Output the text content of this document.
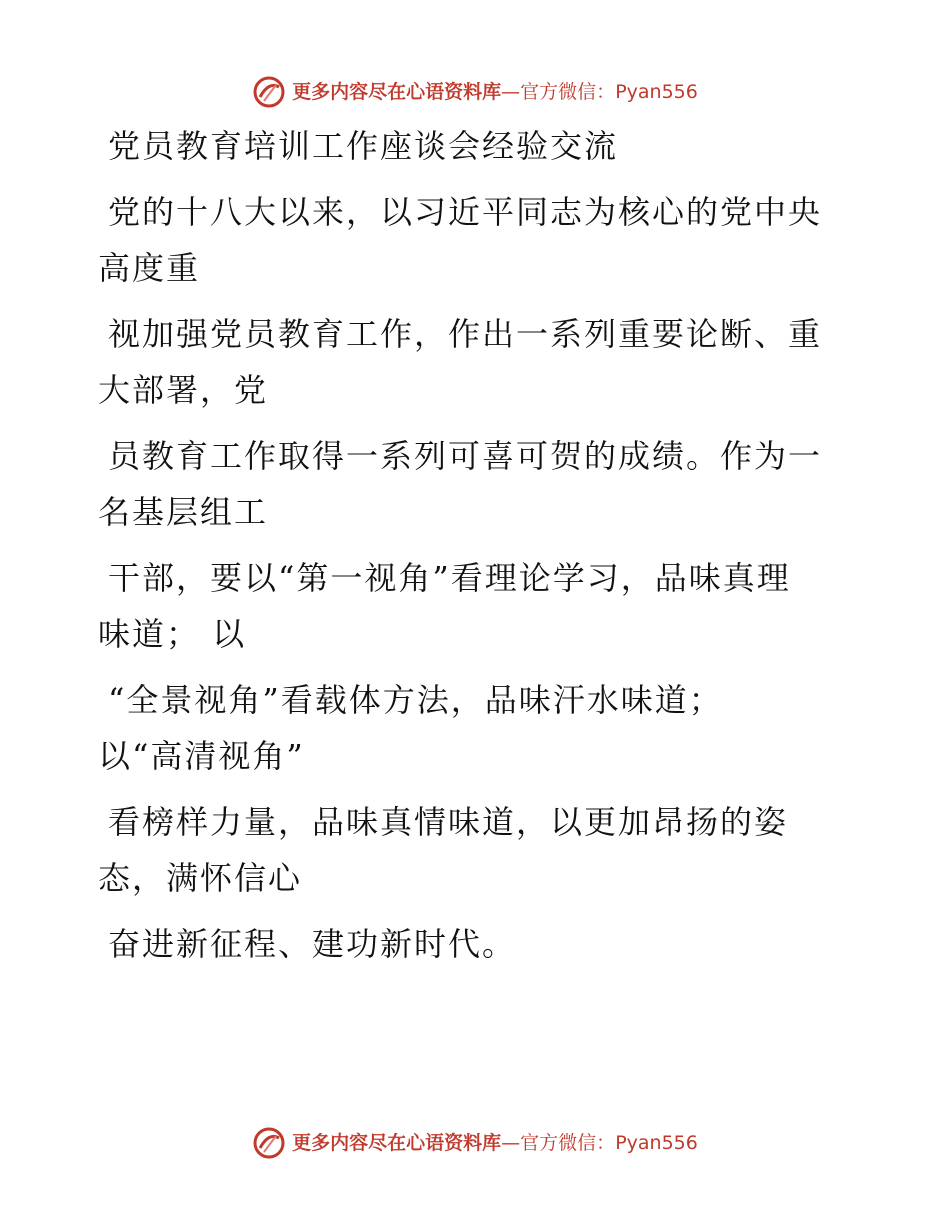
更多内容尽在心语资料库 — 官方微信： Pyan556
党员教育培训工作座谈会经验交流
党的十八大以来，以习近平同志为核心的党中央
高度重
视加强党员教育工作，作出一系列重要论断、重
大部署，党
员教育工作取得一系列可喜可贺的成绩。作为一
名基层组工
干部，要以“第一视角”看理论学习，品味真理
味道； 以
“全景视角”看载体方法，品味汗水味道；
以“高清视角”
看榜样力量，品味真情味道，以更加昂扬的姿
态，满怀信心
奋进新征程、建功新时代。
更多内容尽在心语资料库 — 官方微信： Pyan556
